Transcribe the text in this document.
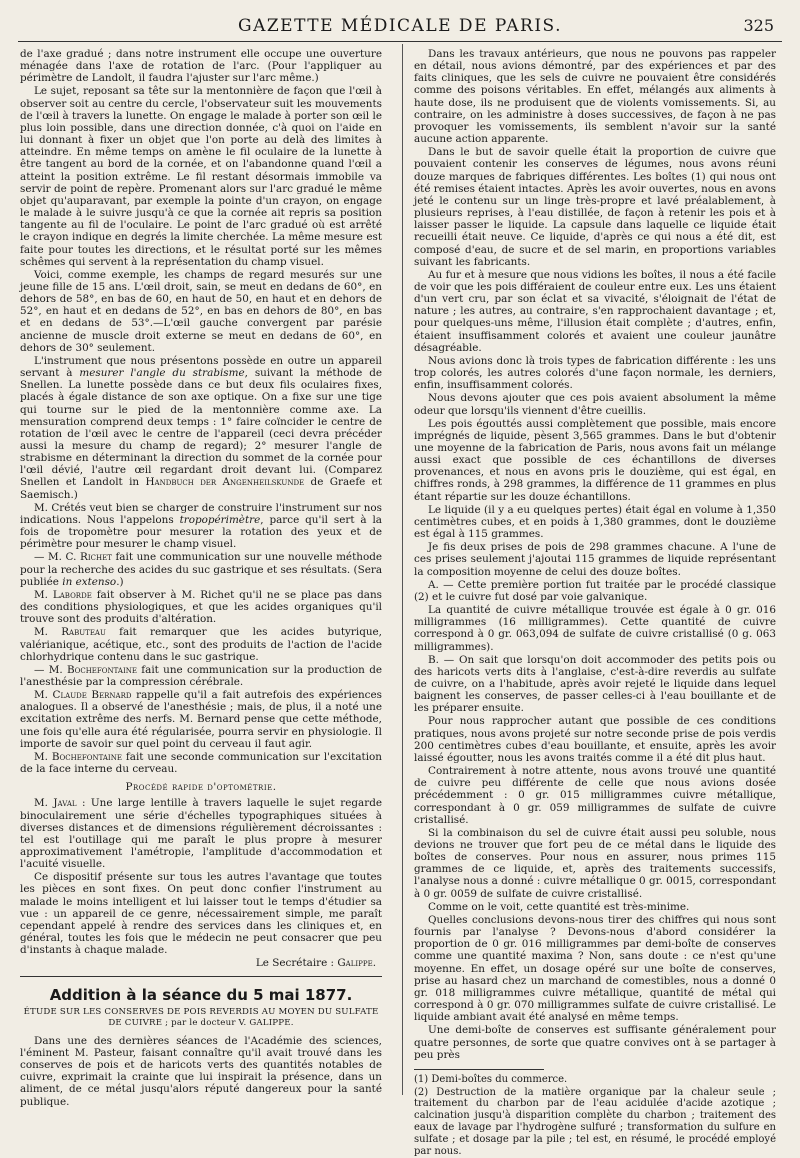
GAZETTE MÉDICALE DE PARIS.	325

de l'axe gradué ; dans notre instrument elle occupe une ouverture ménagée dans l'axe de rotation de l'arc. (Pour l'appliquer au périmètre de Landolt, il faudra l'ajuster sur l'arc même.)

Le sujet, reposant sa tête sur la mentonnière de façon que l'œil à observer soit au centre du cercle, l'observateur suit les mouvements de l'œil à travers la lunette. On engage le malade à porter son œil le plus loin possible, dans une direction donnée, c'à quoi on l'aide en lui donnant à fixer un objet que l'on porte au delà des limites à atteindre. En même temps on amène le fil oculaire de la lunette à être tangent au bord de la cornée, et on l'abandonne quand l'œil a atteint la position extrême. Le fil restant désormais immobile va servir de point de repère. Promenant alors sur l'arc gradué le même objet qu'auparavant, par exemple la pointe d'un crayon, on engage le malade à le suivre jusqu'à ce que la cornée ait repris sa position tangente au fil de l'oculaire. Le point de l'arc gradué où est arrêté le crayon indique en degrés la limite cherchée. La même mesure est faite pour toutes les directions, et le résultat porté sur les mêmes schêmes qui servent à la représentation du champ visuel.

Voici, comme exemple, les champs de regard mesurés sur une jeune fille de 15 ans. L'œil droit, sain, se meut en dedans de 60°, en dehors de 58°, en bas de 60, en haut de 50, en haut et en dehors de 52°, en haut et en dedans de 52°, en bas en dehors de 80°, en bas et en dedans de 53°.—L'œil gauche convergent par parésie ancienne de muscle droit externe se meut en dedans de 60°, en dehors de 30° seulement.

L'instrument que nous présentons possède en outre un appareil servant à mesurer l'angle du strabisme, suivant la méthode de Snellen. La lunette possède dans ce but deux fils oculaires fixes, placés à égale distance de son axe optique. On a fixe sur une tige qui tourne sur le pied de la mentonnière comme axe. La mensuration comprend deux temps : 1° faire coïncider le centre de rotation de l'œil avec le centre de l'appareil (ceci devra précéder aussi la mesure du champ de regard); 2° mesurer l'angle de strabisme en déterminant la direction du sommet de la cornée pour l'œil dévié, l'autre œil regardant droit devant lui. (Comparez Snellen et Landolt in Handbuch der Angenheilskunde de Graefe et Saemisch.)

M. Crétés veut bien se charger de construire l'instrument sur nos indications. Nous l'appelons tropopérimètre, parce qu'il sert à la fois de tropomètre pour mesurer la rotation des yeux et de périmètre pour mesurer le champ visuel.

— M. C. Richet fait une communication sur une nouvelle méthode pour la recherche des acides du suc gastrique et ses résultats. (Sera publiée in extenso.)

M. Laborde fait observer à M. Richet qu'il ne se place pas dans des conditions physiologiques, et que les acides organiques qu'il trouve sont des produits d'altération.

M. Rabuteau fait remarquer que les acides butyrique, valérianique, acétique, etc., sont des produits de l'action de l'acide chlorhydrique contenu dans le suc gastrique.

— M. Bochefontaine fait une communication sur la production de l'anesthésie par la compression cérébrale.

M. Claude Bernard rappelle qu'il a fait autrefois des expériences analogues. Il a observé de l'anesthésie ; mais, de plus, il a noté une excitation extrême des nerfs. M. Bernard pense que cette méthode, une fois qu'elle aura été régularisée, pourra servir en physiologie. Il importe de savoir sur quel point du cerveau il faut agir.

M. Bochefontaine fait une seconde communication sur l'excitation de la face interne du cerveau.

Procédé rapide d'optométrie.

M. Javal : Une large lentille à travers laquelle le sujet regarde binoculairement une série d'échelles typographiques situées à diverses distances et de dimensions régulièrement décroissantes : tel est l'outillage qui me paraît le plus propre à mesurer approximativement l'amétropie, l'amplitude d'accommodation et l'acuité visuelle.

Ce dispositif présente sur tous les autres l'avantage que toutes les pièces en sont fixes. On peut donc confier l'instrument au malade le moins intelligent et lui laisser tout le temps d'étudier sa vue : un appareil de ce genre, nécessairement simple, me paraît cependant appelé à rendre des services dans les cliniques et, en général, toutes les fois que le médecin ne peut consacrer que peu d'instants à chaque malade.

Le Secrétaire : Galippe.
Addition à la séance du 5 mai 1877.
ÉTUDE SUR LES CONSERVES DE POIS REVERDIS AU MOYEN DU SULFATE DE CUIVRE ; par le docteur V. GALIPPE.

Dans une des dernières séances de l'Académie des sciences, l'éminent M. Pasteur, faisant connaître qu'il avait trouvé dans les conserves de pois et de haricots verts des quantités notables de cuivre, exprimait la crainte que lui inspirait la présence, dans un aliment, de ce métal jusqu'alors réputé dangereux pour la santé publique.

Dans les travaux antérieurs, que nous ne pouvons pas rappeler en détail, nous avions démontré, par des expériences et par des faits cliniques, que les sels de cuivre ne pouvaient être considérés comme des poisons véritables. En effet, mélangés aux aliments à haute dose, ils ne produisent que de violents vomissements. Si, au contraire, on les administre à doses successives, de façon à ne pas provoquer les vomissements, ils semblent n'avoir sur la santé aucune action apparente.

Dans le but de savoir quelle était la proportion de cuivre que pouvaient contenir les conserves de légumes, nous avons réuni douze marques de fabriques différentes. Les boîtes (1) qui nous ont été remises étaient intactes. Après les avoir ouvertes, nous en avons jeté le contenu sur un linge très-propre et lavé préalablement, à plusieurs reprises, à l'eau distillée, de façon à retenir les pois et à laisser passer le liquide. La capsule dans laquelle ce liquide était recueilli était neuve. Ce liquide, d'après ce qui nous a été dit, est composé d'eau, de sucre et de sel marin, en proportions variables suivant les fabricants.

Au fur et à mesure que nous vidions les boîtes, il nous a été facile de voir que les pois différaient de couleur entre eux. Les uns étaient d'un vert cru, par son éclat et sa vivacité, s'éloignait de l'état de nature ; les autres, au contraire, s'en rapprochaient davantage ; et, pour quelques-uns même, l'illusion était complète ; d'autres, enfin, étaient insuffisamment colorés et avaient une couleur jaunâtre désagréable.

Nous avions donc là trois types de fabrication différente : les uns trop colorés, les autres colorés d'une façon normale, les derniers, enfin, insuffisamment colorés.

Nous devons ajouter que ces pois avaient absolument la même odeur que lorsqu'ils viennent d'être cueillis.

Les pois égouttés aussi complètement que possible, mais encore imprégnés de liquide, pèsent 3,565 grammes. Dans le but d'obtenir une moyenne de la fabrication de Paris, nous avons fait un mélange aussi exact que possible de ces échantillons de diverses provenances, et nous en avons pris le douzième, qui est égal, en chiffres ronds, à 298 grammes, la différence de 11 grammes en plus étant répartie sur les douze échantillons.

Le liquide (il y a eu quelques pertes) était égal en volume à 1,350 centimètres cubes, et en poids à 1,380 grammes, dont le douzième est égal à 115 grammes.

Je fis deux prises de pois de 298 grammes chacune. A l'une de ces prises seulement j'ajoutai 115 grammes de liquide représentant la composition moyenne de celui des douze boîtes.

A. — Cette première portion fut traitée par le procédé classique (2) et le cuivre fut dosé par voie galvanique.

La quantité de cuivre métallique trouvée est égale à 0 gr. 016 milligrammes (16 milligrammes). Cette quantité de cuivre correspond à 0 gr. 063,094 de sulfate de cuivre cristallisé (0 g. 063 milligrammes).

B. — On sait que lorsqu'on doit accommoder des petits pois ou des haricots verts dits à l'anglaise, c'est-à-dire reverdis au sulfate de cuivre, on a l'habitude, après avoir rejeté le liquide dans lequel baignent les conserves, de passer celles-ci à l'eau bouillante et de les préparer ensuite.

Pour nous rapprocher autant que possible de ces conditions pratiques, nous avons projeté sur notre seconde prise de pois verdis 200 centimètres cubes d'eau bouillante, et ensuite, après les avoir laissé égoutter, nous les avons traités comme il a été dit plus haut.

Contrairement à notre attente, nous avons trouvé une quantité de cuivre peu différente de celle que nous avions dosée précédemment : 0 gr. 015 milligrammes cuivre métallique, correspondant à 0 gr. 059 milligrammes de sulfate de cuivre cristallisé.

Si la combinaison du sel de cuivre était aussi peu soluble, nous devions ne trouver que fort peu de ce métal dans le liquide des boîtes de conserves. Pour nous en assurer, nous primes 115 grammes de ce liquide, et, après des traitements successifs, l'analyse nous a donné : cuivre métallique 0 gr. 0015, correspondant à 0 gr. 0059 de sulfate de cuivre cristallisé.

Comme on le voit, cette quantité est très-minime.

Quelles conclusions devons-nous tirer des chiffres qui nous sont fournis par l'analyse ? Devons-nous d'abord considérer la proportion de 0 gr. 016 milligrammes par demi-boîte de conserves comme une quantité maxima ? Non, sans doute : ce n'est qu'une moyenne. En effet, un dosage opéré sur une boîte de conserves, prise au hasard chez un marchand de comestibles, nous a donné 0 gr. 018 milligrammes cuivre métallique, quantité de métal qui correspond à 0 gr. 070 milligrammes sulfate de cuivre cristallisé. Le liquide ambiant avait été analysé en même temps.

Une demi-boîte de conserves est suffisante généralement pour quatre personnes, de sorte que quatre convives ont à se partager à peu près

(1) Demi-boîtes du commerce.

(2) Destruction de la matière organique par la chaleur seule ; traitement du charbon par de l'eau acidulée d'acide azotique ; calcination jusqu'à disparition complète du charbon ; traitement des eaux de lavage par l'hydrogène sulfuré ; transformation du sulfure en sulfate ; et dosage par la pile ; tel est, en résumé, le procédé employé par nous.
